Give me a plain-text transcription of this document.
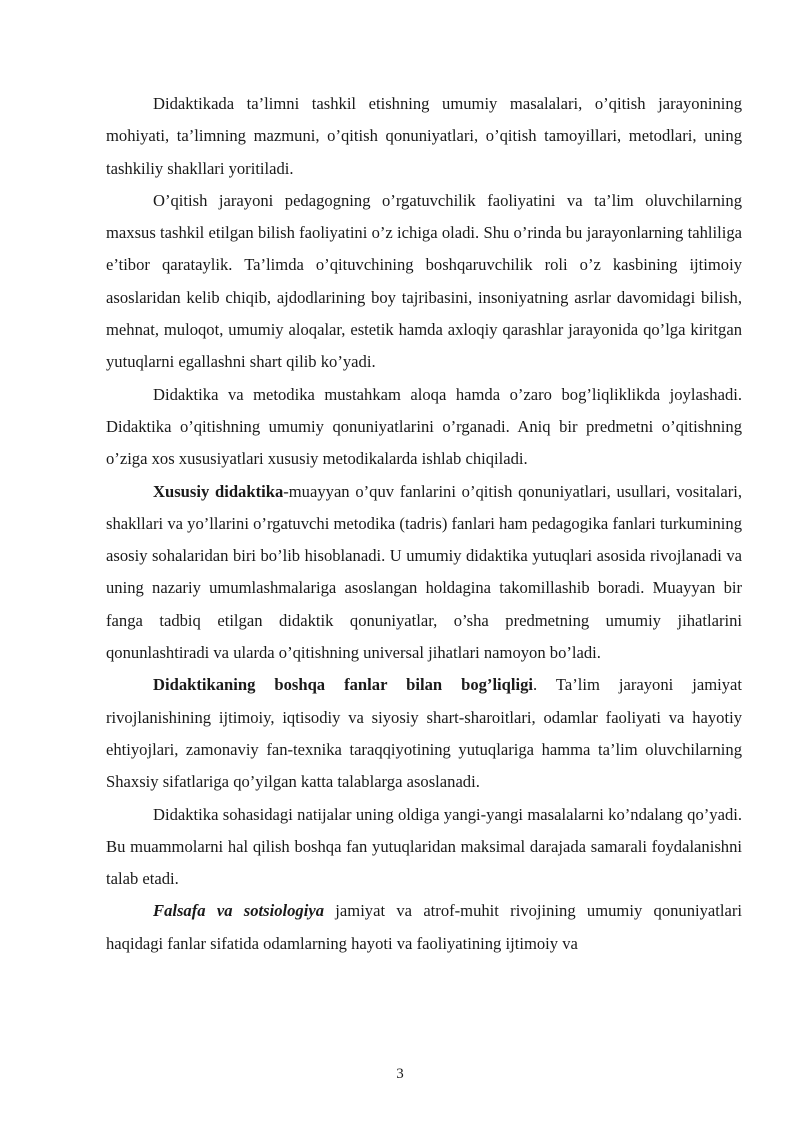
Didaktikada ta’limni tashkil etishning umumiy masalalari, o’qitish jarayonining mohiyati, ta’limning mazmuni, o’qitish qonuniyatlari, o’qitish tamoyillari, metodlari, uning tashkiliy shakllari yoritiladi.

O’qitish jarayoni pedagogning o’rgatuvchilik faoliyatini va ta’lim oluvchilarning maxsus tashkil etilgan bilish faoliyatini o’z ichiga oladi. Shu o’rinda bu jarayonlarning tahliliga e’tibor qarataylik. Ta’limda o’qituvchining boshqaruvchilik roli o’z kasbining ijtimoiy asoslaridan kelib chiqib, ajdodlarining boy tajribasini, insoniyatning asrlar davomidagi bilish, mehnat, muloqot, umumiy aloqalar, estetik hamda axloqiy qarashlar jarayonida qo’lga kiritgan yutuqlarni egallashni shart qilib ko’yadi.

Didaktika va metodika mustahkam aloqa hamda o’zaro bog’liqliklikda joylashadi. Didaktika o’qitishning umumiy qonuniyatlarini o’rganadi. Aniq bir predmetni o’qitishning o’ziga xos xususiyatlari xususiy metodikalarda ishlab chiqiladi.

Xususiy didaktika-muayyan o’quv fanlarini o’qitish qonuniyatlari, usullari, vositalari, shakllari va yo’llarini o’rgatuvchi metodika (tadris) fanlari ham pedagogika fanlari turkumining asosiy sohalaridan biri bo’lib hisoblanadi. U umumiy didaktika yutuqlari asosida rivojlanadi va uning nazariy umumlashmalariga asoslangan holdagina takomillashib boradi. Muayyan bir fanga tadbiq etilgan didaktik qonuniyatlar, o’sha predmetning umumiy jihatlarini qonunlashtiradi va ularda o’qitishning universal jihatlari namoyon bo’ladi.

Didaktikaning boshqa fanlar bilan bog’liqligi. Ta’lim jarayoni jamiyat rivojlanishining ijtimoiy, iqtisodiy va siyosiy shart-sharoitlari, odamlar faoliyati va hayotiy ehtiyojlari, zamonaviy fan-texnika taraqqiyotining yutuqlariga hamma ta’lim oluvchilarning Shaxsiy sifatlariga qo’yilgan katta talablarga asoslanadi.

Didaktika sohasidagi natijalar uning oldiga yangi-yangi masalalarni ko’ndalang qo’yadi. Bu muammolarni hal qilish boshqa fan yutuqlaridan maksimal darajada samarali foydalanishni talab etadi.

Falsafa va sotsiologiya jamiyat va atrof-muhit rivojining umumiy qonuniyatlari haqidagi fanlar sifatida odamlarning hayoti va faoliyatining ijtimoiy va

3
